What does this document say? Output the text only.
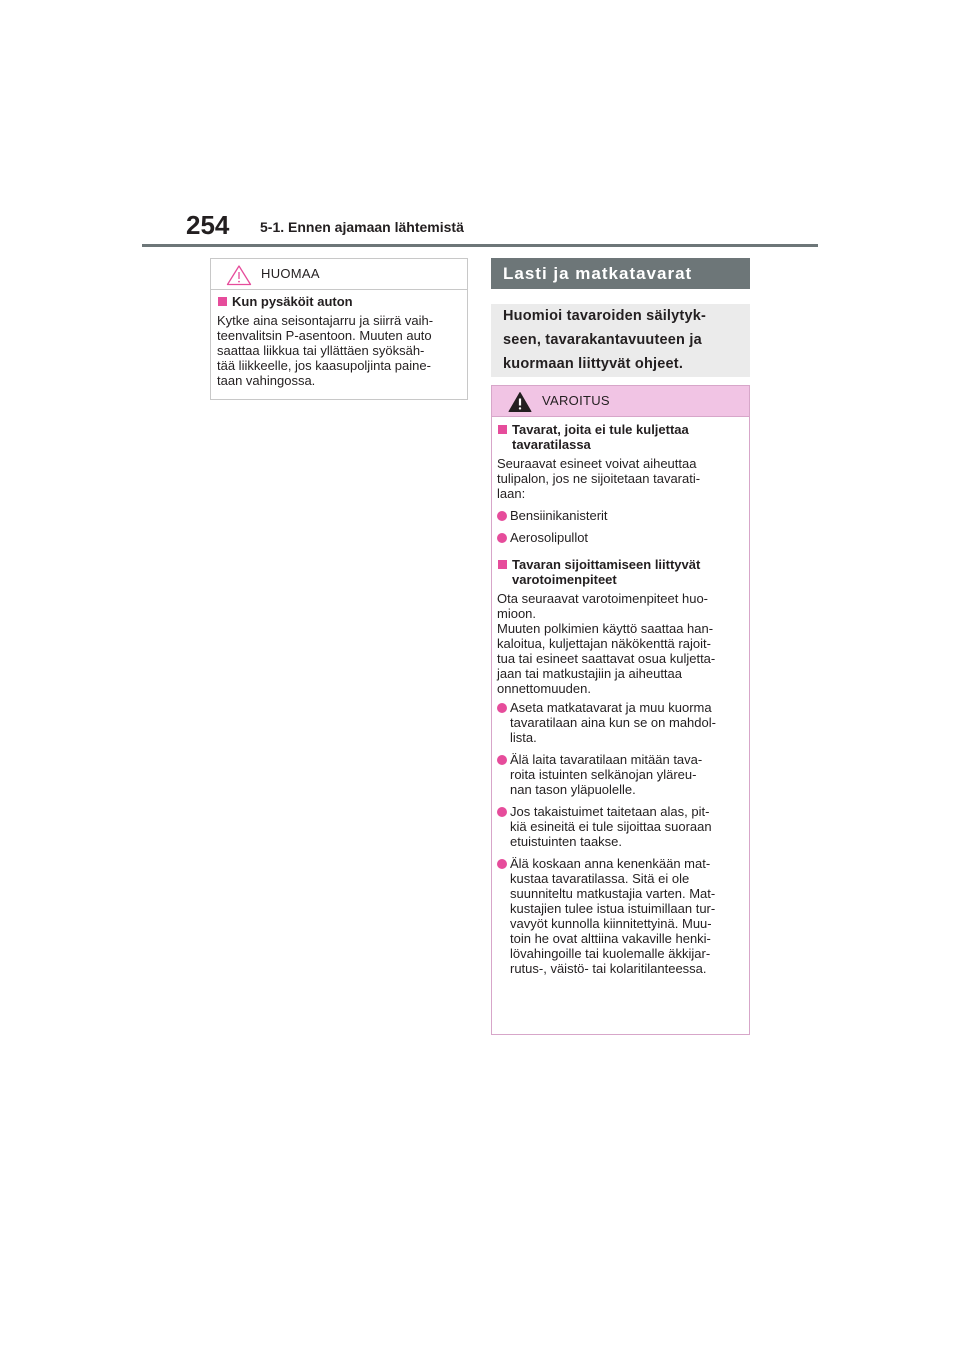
254 5-1. Ennen ajamaan lähtemistä
HUOMAA
Kun pysäköit auton
Kytke aina seisontajarru ja siirrä vaih-
teenvalitsin P-asentoon. Muuten auto
saattaa liikkua tai yllättäen syöksäh-
tää liikkeelle, jos kaasupoljinta paine-
taan vahingossa.
Lasti ja matkatavarat
Huomioi tavaroiden säilytyk-
seen, tavarakantavuuteen ja
kuormaan liittyvät ohjeet.
VAROITUS
Tavarat, joita ei tule kuljettaa
tavaratilassa
Seuraavat esineet voivat aiheuttaa
tulipalon, jos ne sijoitetaan tavarati-
laan:
Bensiinikanisterit
Aerosolipullot
Tavaran sijoittamiseen liittyvät
varotoimenpiteet
Ota seuraavat varotoimenpiteet huo-
mioon.
Muuten polkimien käyttö saattaa han-
kaloitua, kuljettajan näkökenttä rajoit-
tua tai esineet saattavat osua kuljetta-
jaan tai matkustajiin ja aiheuttaa
onnettomuuden.
Aseta matkatavarat ja muu kuorma
tavaratilaan aina kun se on mahdol-
lista.
Älä laita tavaratilaan mitään tava-
roita istuinten selkänojan yläreu-
nan tason yläpuolelle.
Jos takaistuimet taitetaan alas, pit-
kiä esineitä ei tule sijoittaa suoraan
etuistuinten taakse.
Älä koskaan anna kenenkään mat-
kustaa tavaratilassa. Sitä ei ole
suunniteltu matkustajia varten. Mat-
kustajien tulee istua istuimillaan tur-
vavyöt kunnolla kiinnitettyinä. Muu-
toin he ovat alttiina vakaville henki-
lövahingoille tai kuolemalle äkkijar-
rutus-, väistö- tai kolaritilanteessa.
